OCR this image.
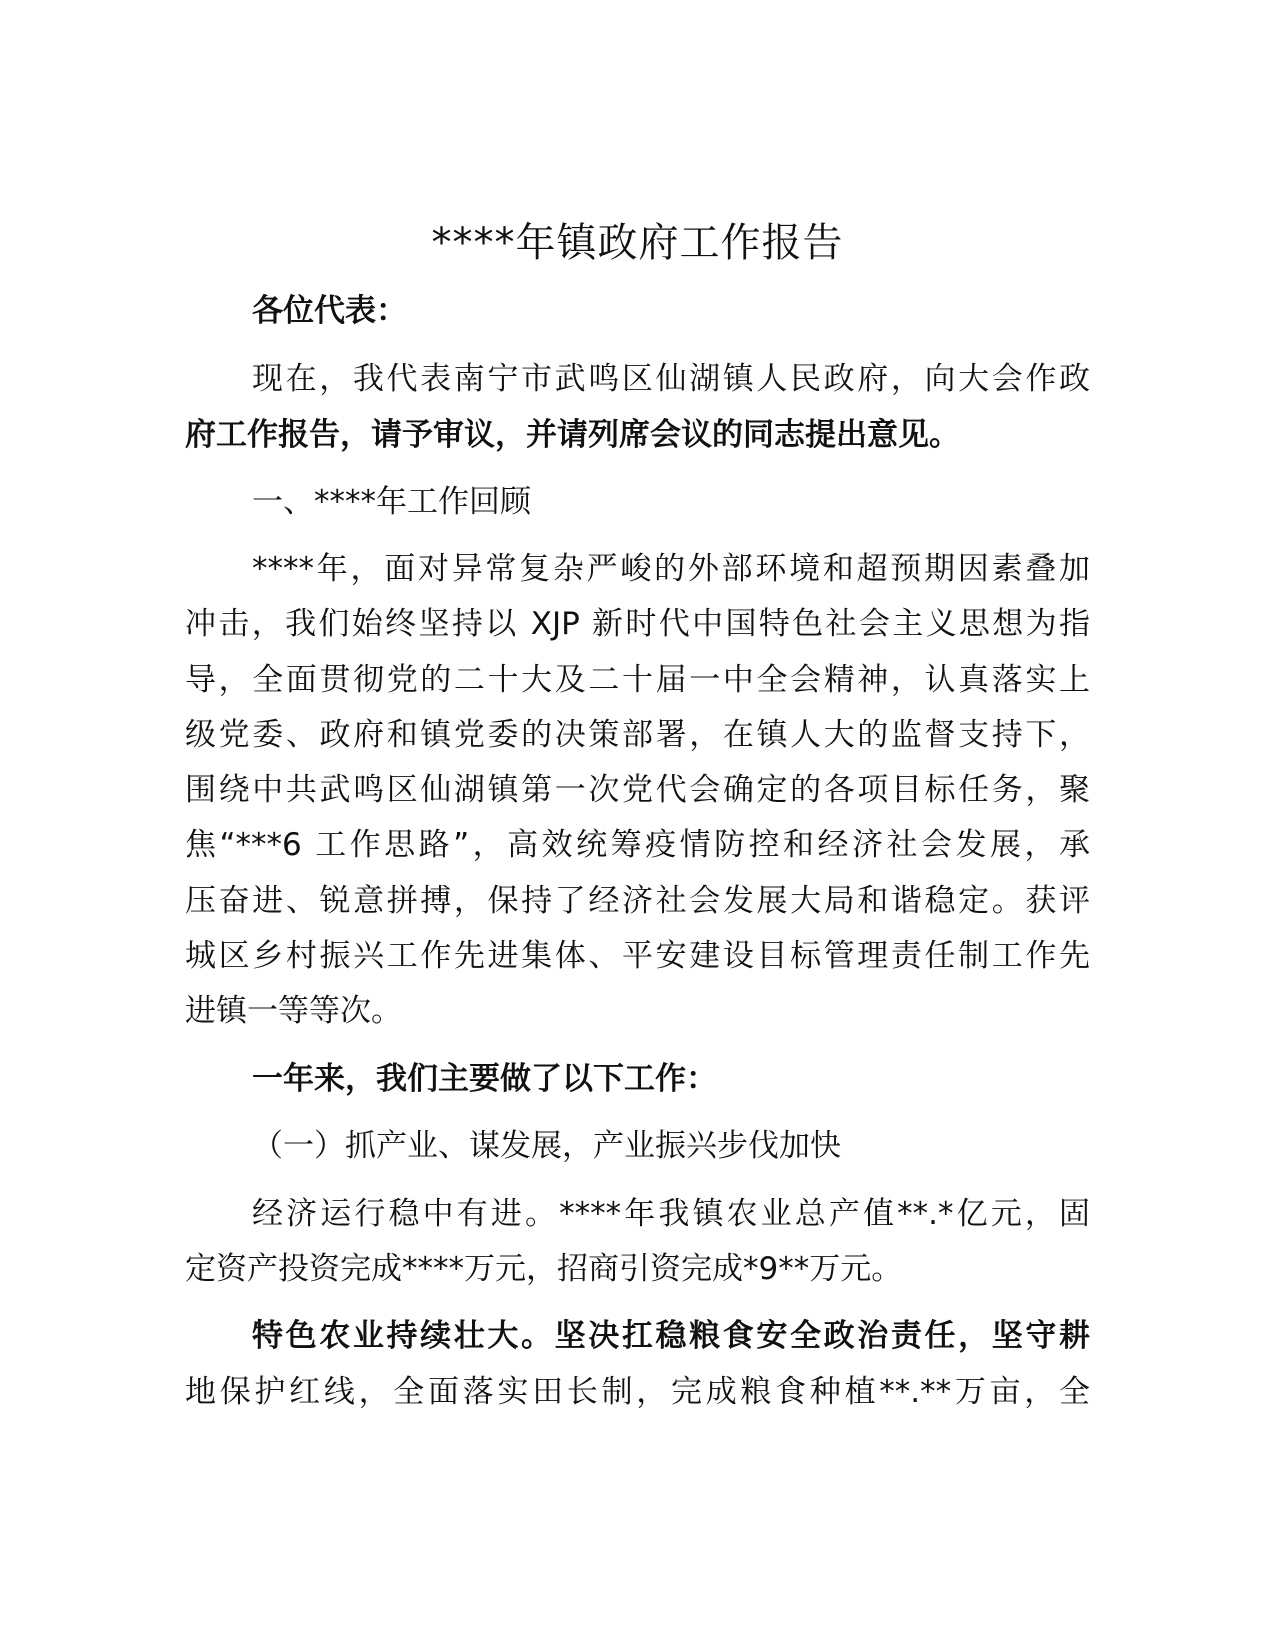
****年镇政府工作报告

各位代表：

现在，我代表南宁市武鸣区仙湖镇人民政府，向大会作政

府工作报告，请予审议，并请列席会议的同志提出意见。

一、****年工作回顾

****年，面对异常复杂严峻的外部环境和超预期因素叠加

冲击，我们始终坚持以 XJP 新时代中国特色社会主义思想为指

导，全面贯彻党的二十大及二十届一中全会精神，认真落实上

级党委、政府和镇党委的决策部署，在镇人大的监督支持下，

围绕中共武鸣区仙湖镇第一次党代会确定的各项目标任务，聚

焦“***6 工作思路”，高效统筹疫情防控和经济社会发展，承

压奋进、锐意拼搏，保持了经济社会发展大局和谐稳定。获评

城区乡村振兴工作先进集体、平安建设目标管理责任制工作先

进镇一等等次。

一年来，我们主要做了以下工作：

（一）抓产业、谋发展，产业振兴步伐加快

经济运行稳中有进。****年我镇农业总产值**.*亿元，固

定资产投资完成****万元，招商引资完成*9**万元。

特色农业持续壮大。坚决扛稳粮食安全政治责任，坚守耕

地保护红线，全面落实田长制，完成粮食种植**.**万亩，全
